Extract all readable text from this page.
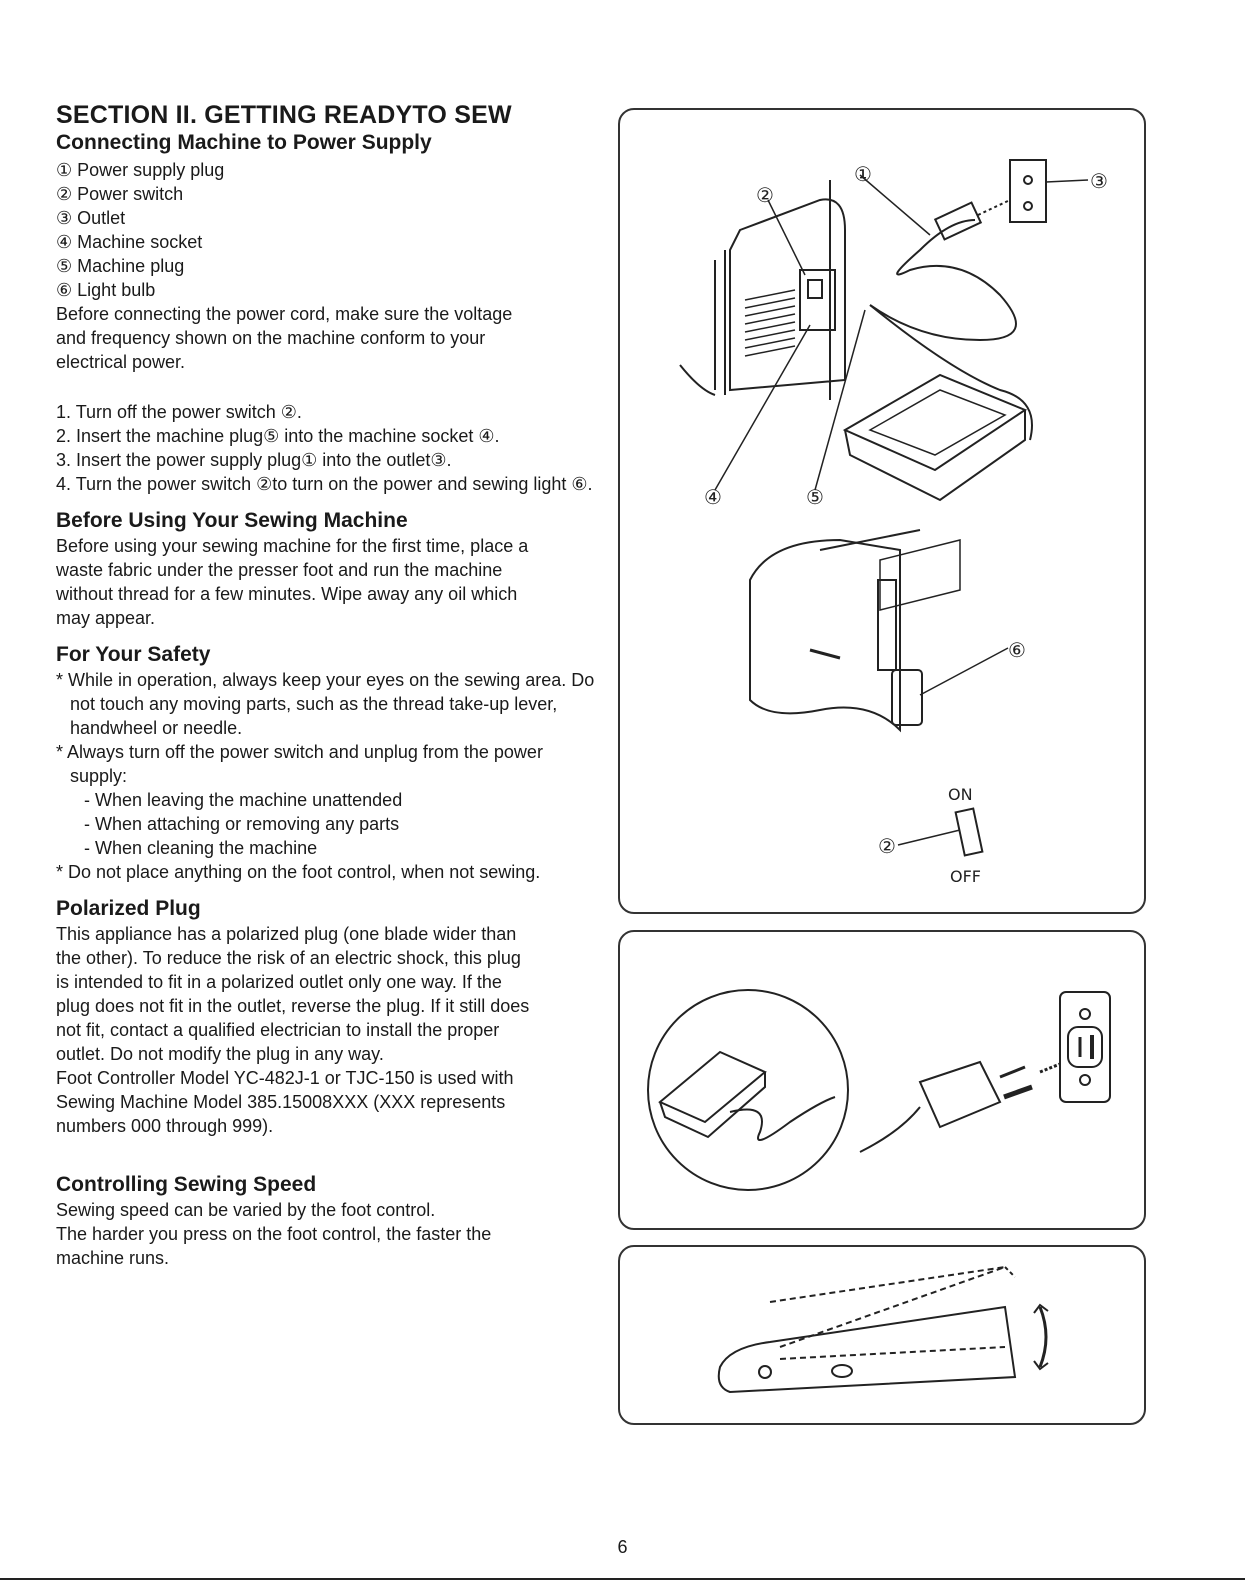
SECTION II. GETTING READYTO SEW
Connecting Machine to Power Supply
① Power supply plug
② Power switch
③ Outlet
④ Machine socket
⑤ Machine plug
⑥ Light bulb

Before connecting the power cord, make sure the voltage

and frequency shown on the machine conform to your

electrical power.

1. Turn off the power switch ②.
2. Insert the machine plug⑤ into the machine socket ④.
3. Insert the power supply plug① into the outlet③.
4. Turn the power switch ②to turn on the power and sewing light ⑥.
Before Using Your Sewing Machine

Before using your sewing machine for the first time, place a

waste fabric under the presser foot and run the machine

without thread for a few minutes. Wipe away any oil which

may appear.

For Your Safety
* While in operation, always keep your eyes on the sewing area. Do not touch any moving parts, such as the thread take-up lever, handwheel or needle.
* Always turn off the power switch and unplug from the power supply:
- When leaving the machine unattended
- When attaching or removing any parts
- When cleaning the machine
* Do not place anything on the foot control, when not sewing.
Polarized Plug

This appliance has a polarized plug (one blade wider than

the other). To reduce the risk of an electric shock, this plug

is intended to fit in a polarized outlet only one way. If the

plug does not fit in the outlet, reverse the plug. If it still does

not fit, contact a qualified electrician to install the proper

outlet. Do not modify the plug in any way.

Foot Controller Model YC-482J-1 or TJC-150 is used with

Sewing Machine Model 385.15008XXX (XXX represents

numbers 000 through 999).

Controlling Sewing Speed

Sewing speed can be varied by the foot control.

The harder you press on the foot control, the faster the

machine runs.

①
②
③
④	⑤
⑥
ON
②
OFF
6
